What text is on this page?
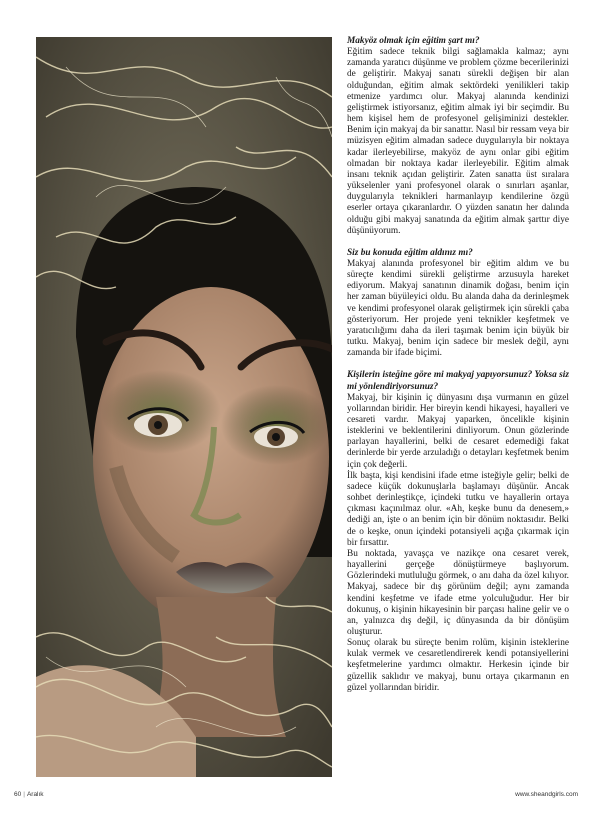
Makyöz olmak için eğitim şart mı?

Eğitim sadece teknik bilgi sağlamakla kalmaz; aynı zamanda yaratıcı düşünme ve problem çözme becerilerinizi de geliştirir. Makyaj sanatı sürekli değişen bir alan olduğundan, eğitim almak sektördeki yenilikleri takip etmenize yardımcı olur. Makyaj alanında kendinizi geliştirmek istiyorsanız, eğitim almak iyi bir seçimdir. Bu hem kişisel hem de profesyonel gelişiminizi destekler. Benim için makyaj da bir sanattır. Nasıl bir ressam veya bir müzisyen eğitim almadan sadece duygularıyla bir noktaya kadar ilerleyebilirse, makyöz de aynı onlar gibi eğitim olmadan bir noktaya kadar ilerleyebilir. Eğitim almak insanı teknik açıdan geliştirir. Zaten sanatta üst sıralara yükselenler yani profesyonel olarak o sınırları aşanlar, duygularıyla teknikleri harmanlayıp kendilerine özgü eserler ortaya çıkaranlardır. O yüzden sanatın her dalında olduğu gibi makyaj sanatında da eğitim almak şarttır diye düşünüyorum.

Siz bu konuda eğitim aldınız mı?

Makyaj alanında profesyonel bir eğitim aldım ve bu süreçte kendimi sürekli geliştirme arzusuyla hareket ediyorum. Makyaj sanatının dinamik doğası, benim için her zaman büyüleyici oldu. Bu alanda daha da derinleşmek ve kendimi profesyonel olarak geliştirmek için sürekli çaba gösteriyorum. Her projede yeni teknikler keşfetmek ve yaratıcılığımı daha da ileri taşımak benim için büyük bir tutku. Makyaj, benim için sadece bir meslek değil, aynı zamanda bir ifade biçimi.

Kişilerin isteğine göre mi makyaj yapıyorsunuz? Yoksa siz mi yönlendiriyorsunuz?

Makyaj, bir kişinin iç dünyasını dışa vurmanın en güzel yollarından biridir. Her bireyin kendi hikayesi, hayalleri ve cesareti vardır. Makyaj yaparken, öncelikle kişinin isteklerini ve beklentilerini dinliyorum. Onun gözlerinde parlayan hayallerini, belki de cesaret edemediği fakat derinlerde bir yerde arzuladığı o detayları keşfetmek benim için çok değerli.

İlk başta, kişi kendisini ifade etme isteğiyle gelir; belki de sadece küçük dokunuşlarla başlamayı düşünür. Ancak sohbet derinleştikçe, içindeki tutku ve hayallerin ortaya çıkması kaçınılmaz olur. «Ah, keşke bunu da denesem,» dediği an, işte o an benim için bir dönüm noktasıdır. Belki de o keşke, onun içindeki potansiyeli açığa çıkarmak için bir fırsattır.

Bu noktada, yavaşça ve nazikçe ona cesaret verek, hayallerini gerçeğe dönüştürmeye başlıyorum. Gözlerindeki mutluluğu görmek, o anı daha da özel kılıyor. Makyaj, sadece bir dış görünüm değil; aynı zamanda kendini keşfetme ve ifade etme yolculuğudur. Her bir dokunuş, o kişinin hikayesinin bir parçası haline gelir ve o an, yalnızca dış değil, iç dünyasında da bir dönüşüm oluşturur.

Sonuç olarak bu süreçte benim rolüm, kişinin isteklerine kulak vermek ve cesaretlendirerek kendi potansiyellerini keşfetmelerine yardımcı olmaktır. Herkesin içinde bir güzellik saklıdır ve makyaj, bunu ortaya çıkarmanın en güzel yollarından biridir.

60 | Aralık	www.sheandgirls.com
